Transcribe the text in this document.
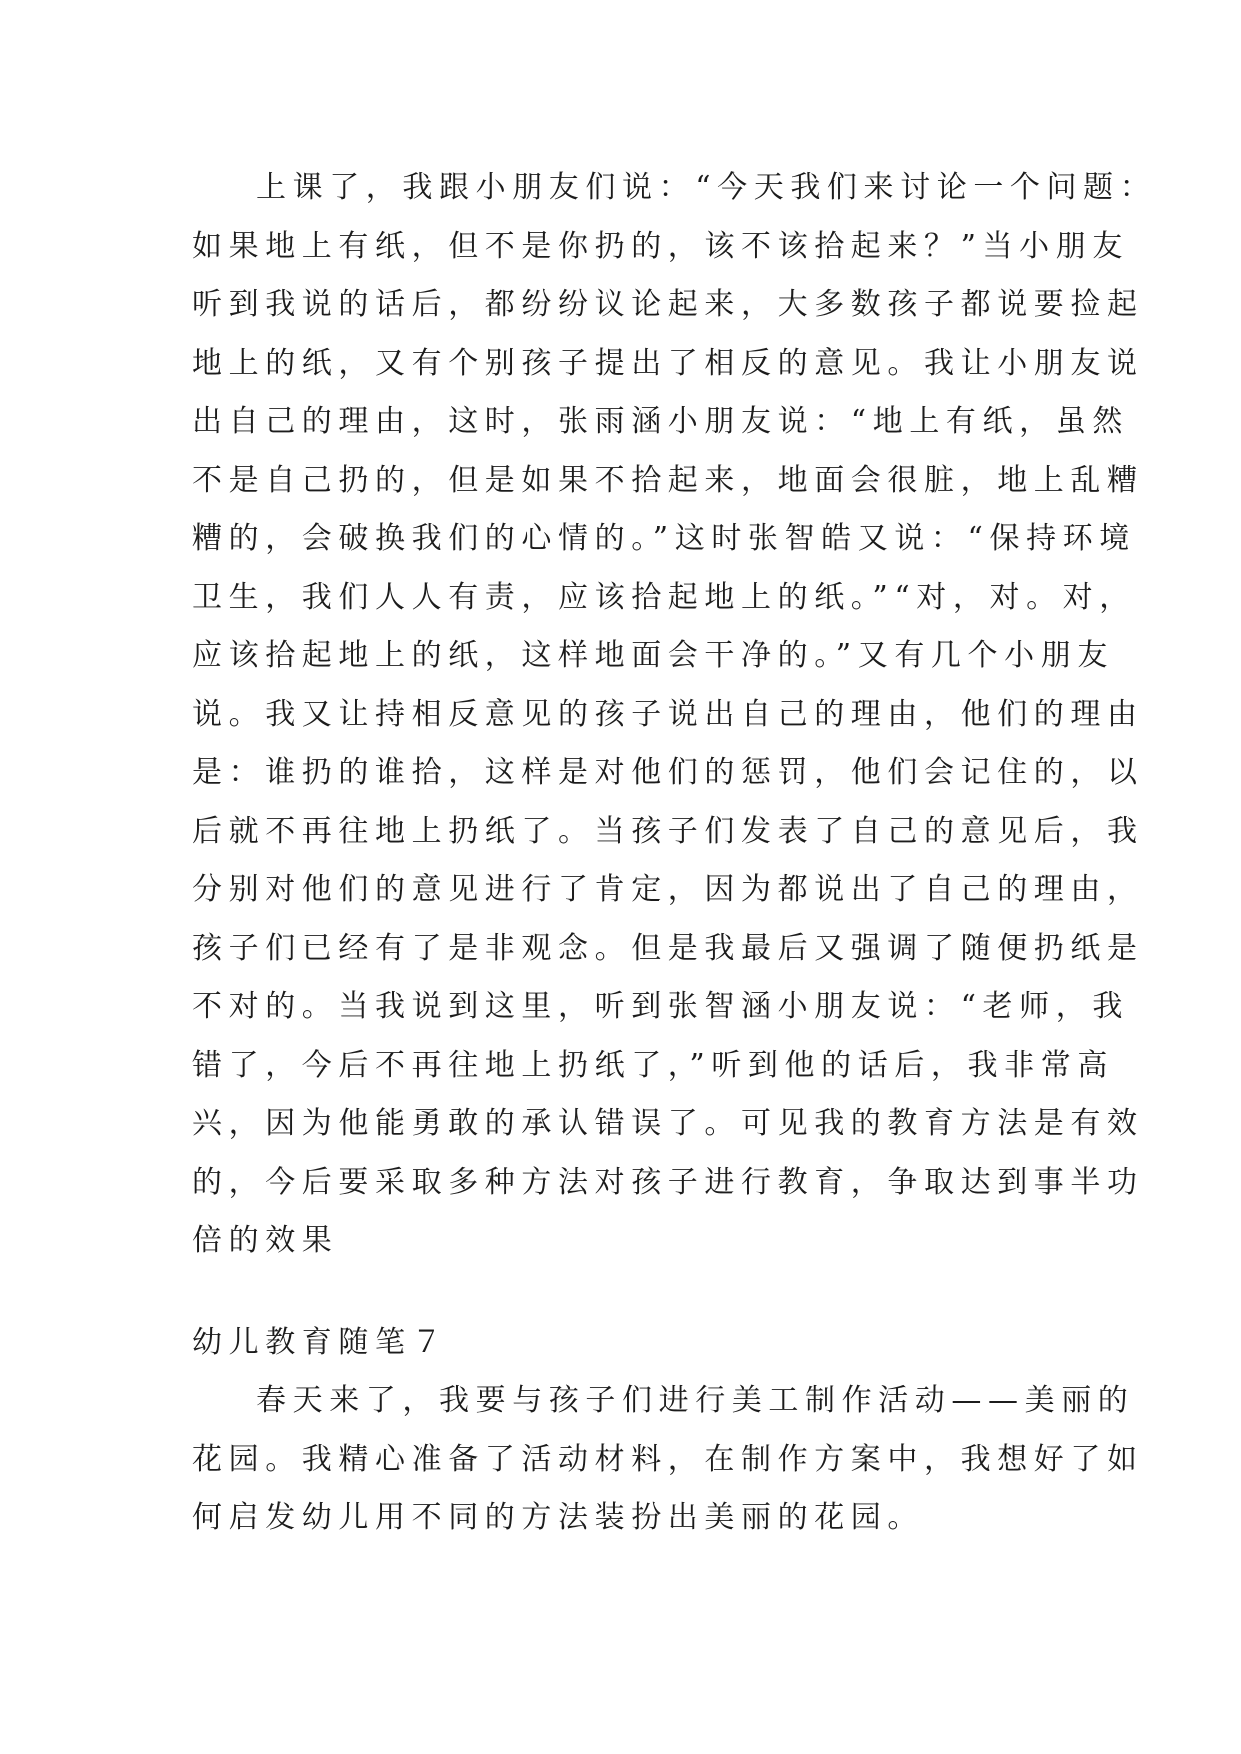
上课了，我跟小朋友们说：“今天我们来讨论一个问题：
如果地上有纸，但不是你扔的，该不该拾起来？”当小朋友
听到我说的话后，都纷纷议论起来，大多数孩子都说要捡起
地上的纸，又有个别孩子提出了相反的意见。我让小朋友说
出自己的理由，这时，张雨涵小朋友说：“地上有纸，虽然
不是自己扔的，但是如果不拾起来，地面会很脏，地上乱糟
糟的，会破换我们的心情的。”这时张智皓又说：“保持环境
卫生，我们人人有责，应该拾起地上的纸。”“对，对。对，
应该拾起地上的纸，这样地面会干净的。”又有几个小朋友
说。我又让持相反意见的孩子说出自己的理由，他们的理由
是：谁扔的谁拾，这样是对他们的惩罚，他们会记住的，以
后就不再往地上扔纸了。当孩子们发表了自己的意见后，我
分别对他们的意见进行了肯定，因为都说出了自己的理由，
孩子们已经有了是非观念。但是我最后又强调了随便扔纸是
不对的。当我说到这里，听到张智涵小朋友说：“老师，我
错了，今后不再往地上扔纸了，”听到他的话后，我非常高
兴，因为他能勇敢的承认错误了。可见我的教育方法是有效
的，今后要采取多种方法对孩子进行教育，争取达到事半功
倍的效果
幼儿教育随笔７
春天来了，我要与孩子们进行美工制作活动——美丽的
花园。我精心准备了活动材料，在制作方案中，我想好了如
何启发幼儿用不同的方法装扮出美丽的花园。
